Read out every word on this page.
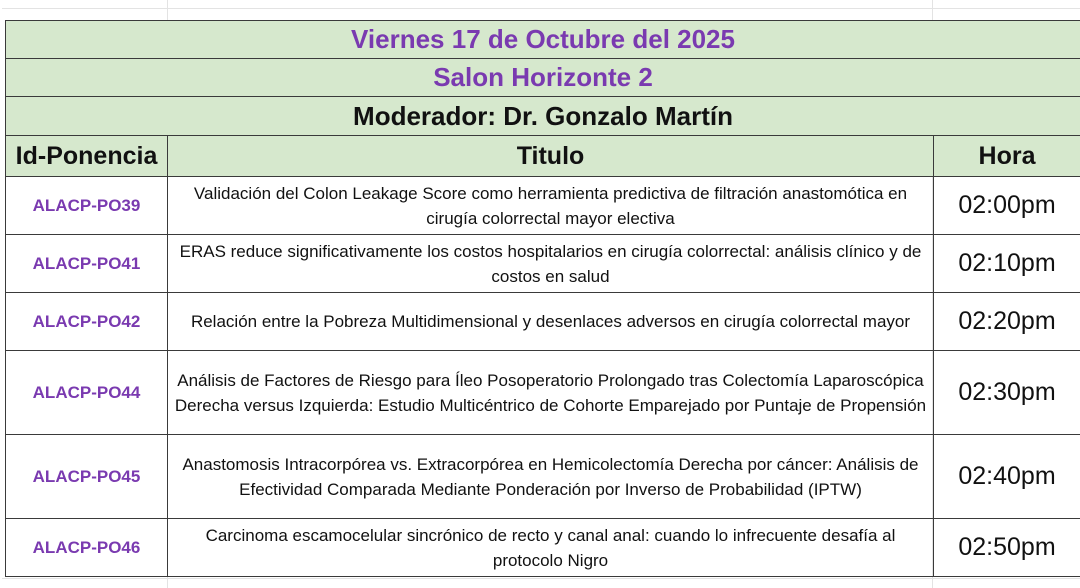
Viernes 17 de Octubre del 2025		
Salon Horizonte 2		
Moderador: Dr. Gonzalo Martín		
Id-Ponencia	Titulo	Hora
ALACP-PO39	Validación del Colon Leakage Score como herramienta predictiva de filtración anastomótica en cirugía colorrectal mayor electiva	02:00pm
ALACP-PO41	ERAS reduce significativamente los costos hospitalarios en cirugía colorrectal: análisis clínico y de costos en salud	02:10pm
ALACP-PO42	Relación entre la Pobreza Multidimensional y desenlaces adversos en cirugía colorrectal mayor	02:20pm
ALACP-PO44	Análisis de Factores de Riesgo para Íleo Posoperatorio Prolongado tras Colectomía Laparoscópica Derecha versus Izquierda: Estudio Multicéntrico de Cohorte Emparejado por Puntaje de Propensión	02:30pm
ALACP-PO45	Anastomosis Intracorpórea vs. Extracorpórea en Hemicolectomía Derecha por cáncer: Análisis de Efectividad Comparada Mediante Ponderación por Inverso de Probabilidad (IPTW)	02:40pm
ALACP-PO46	Carcinoma escamocelular sincrónico de recto y canal anal: cuando lo infrecuente desafía al protocolo Nigro	02:50pm
